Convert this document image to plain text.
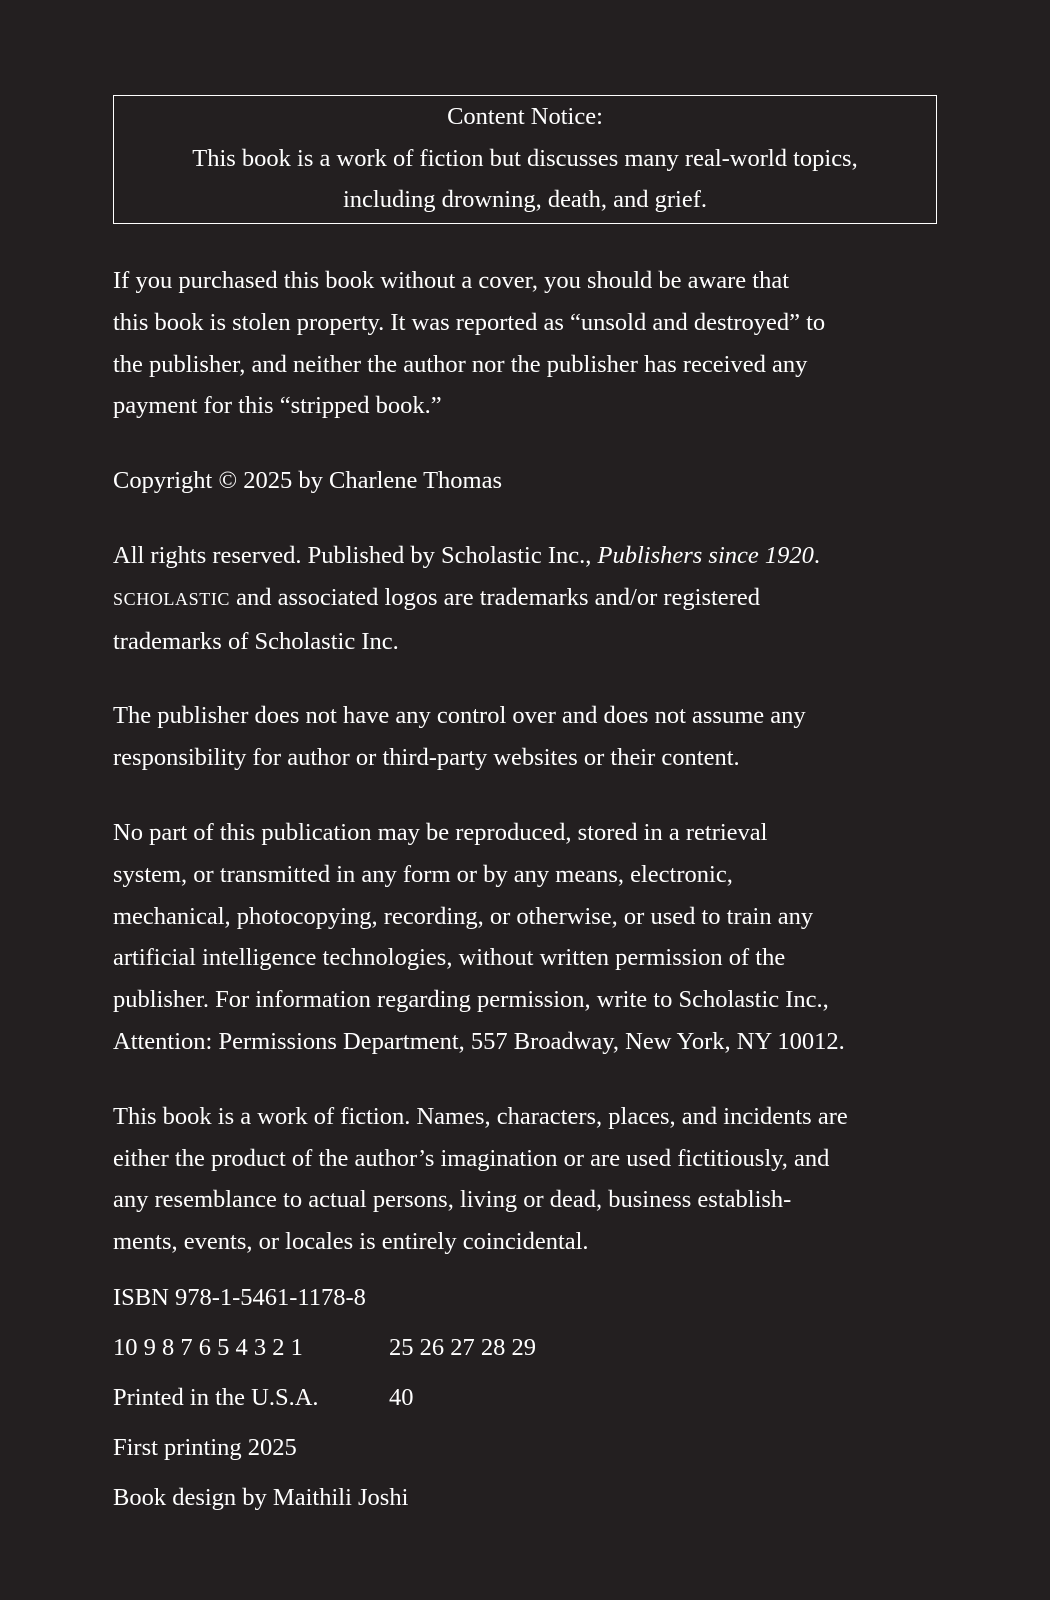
Content Notice:
This book is a work of fiction but discusses many real-world topics,
including drowning, death, and grief.

If you purchased this book without a cover, you should be aware that
this book is stolen property. It was reported as “unsold and destroyed” to
the publisher, and neither the author nor the publisher has received any
payment for this “stripped book.”

Copyright © 2025 by Charlene Thomas

All rights reserved. Published by Scholastic Inc., Publishers since 1920.
SCHOLASTIC and associated logos are trademarks and/or registered
trademarks of Scholastic Inc.

The publisher does not have any control over and does not assume any
responsibility for author or third-party websites or their content.

No part of this publication may be reproduced, stored in a retrieval
system, or transmitted in any form or by any means, electronic,
mechanical, photocopying, recording, or otherwise, or used to train any
artificial intelligence technologies, without written permission of the
publisher. For information regarding permission, write to Scholastic Inc.,
Attention: Permissions Department, 557 Broadway, New York, NY 10012.

This book is a work of fiction. Names, characters, places, and incidents are
either the product of the author’s imagination or are used fictitiously, and
any resemblance to actual persons, living or dead, business establish-
ments, events, or locales is entirely coincidental.

ISBN 978-1-5461-1178-8
10 9 8 7 6 5 4 3 2 1	25 26 27 28 29
Printed in the U.S.A.	40
First printing 2025
Book design by Maithili Joshi
